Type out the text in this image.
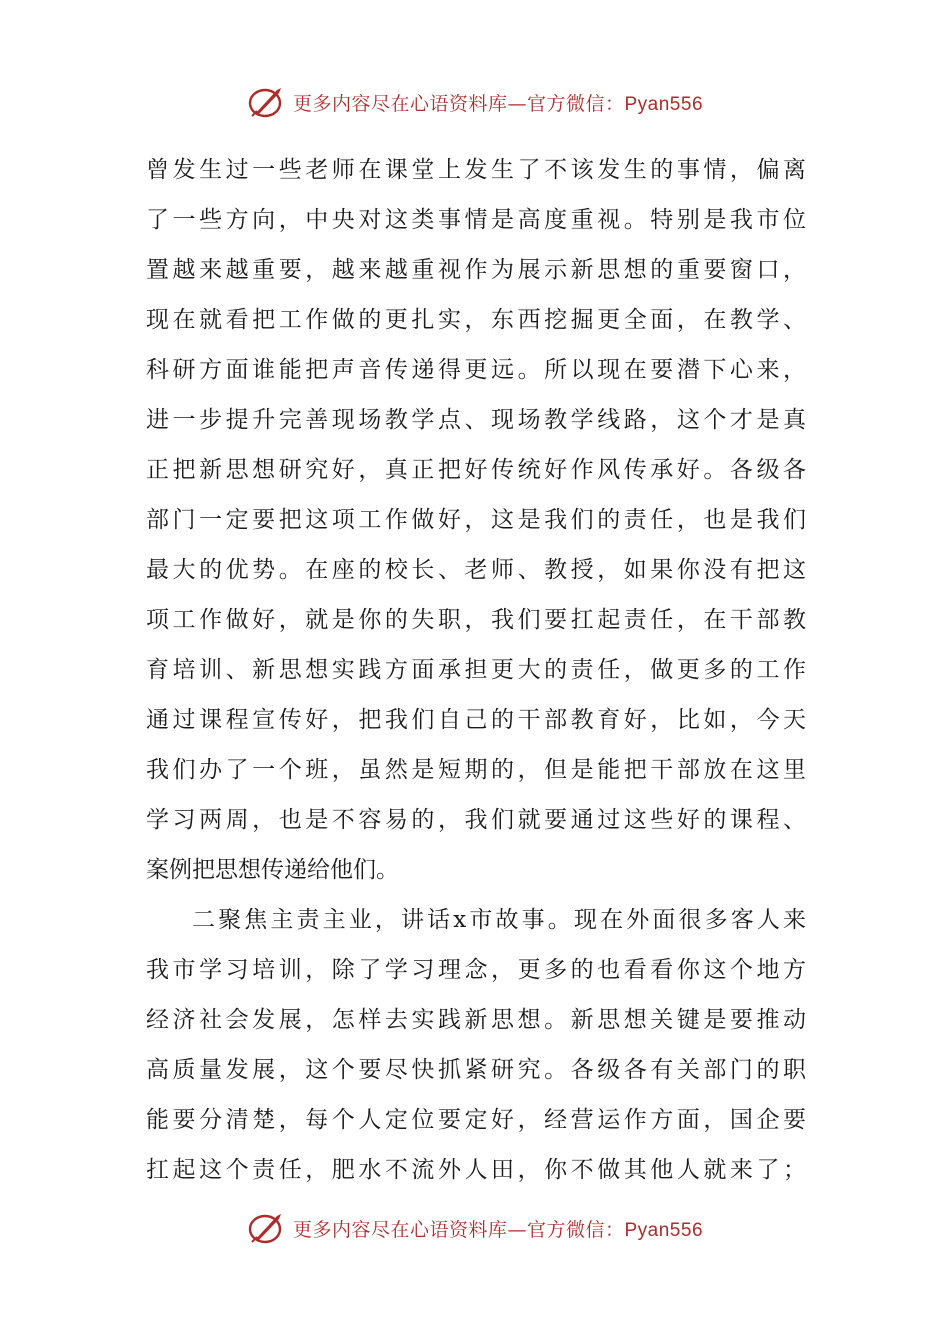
更多内容尽在心语资料库—官方微信：Pyan556
曾发生过一些老师在课堂上发生了不该发生的事情，偏离
了一些方向，中央对这类事情是高度重视。特别是我市位
置越来越重要，越来越重视作为展示新思想的重要窗口，
现在就看把工作做的更扎实，东西挖掘更全面，在教学、
科研方面谁能把声音传递得更远。所以现在要潜下心来，
进一步提升完善现场教学点、现场教学线路，这个才是真
正把新思想研究好，真正把好传统好作风传承好。各级各
部门一定要把这项工作做好，这是我们的责任，也是我们
最大的优势。在座的校长、老师、教授，如果你没有把这
项工作做好，就是你的失职，我们要扛起责任，在干部教
育培训、新思想实践方面承担更大的责任，做更多的工作
通过课程宣传好，把我们自己的干部教育好，比如，今天
我们办了一个班，虽然是短期的，但是能把干部放在这里
学习两周，也是不容易的，我们就要通过这些好的课程、
案例把思想传递给他们。
二聚焦主责主业，讲话x市故事。现在外面很多客人来
我市学习培训，除了学习理念，更多的也看看你这个地方
经济社会发展，怎样去实践新思想。新思想关键是要推动
高质量发展，这个要尽快抓紧研究。各级各有关部门的职
能要分清楚，每个人定位要定好，经营运作方面，国企要
扛起这个责任，肥水不流外人田，你不做其他人就来了；
更多内容尽在心语资料库—官方微信：Pyan556
